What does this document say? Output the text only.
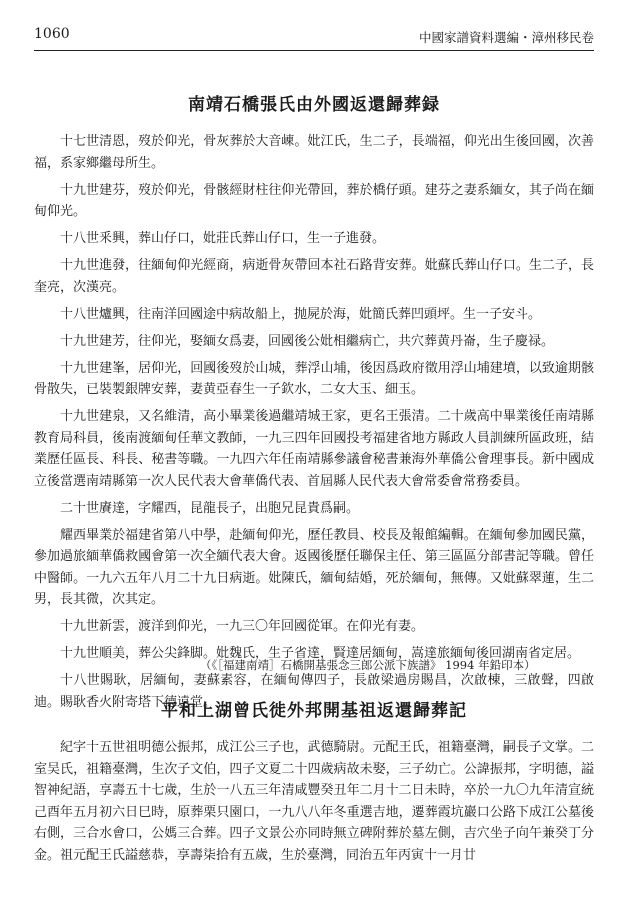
1060	中國家譜資料選編・漳州移民卷
南靖石橋張氏由外國返還歸葬録

十七世清恩，歿於仰光，骨灰葬於大音崠。妣江氏，生二子，長端福，仰光出生後回國，次善福，系家鄉繼母所生。

十九世建芬，歿於仰光，骨骸經財柱往仰光帶回，葬於橋仔頭。建芬之妻系緬女，其子尚在緬甸仰光。

十八世釆興，葬山仔口，妣莊氏葬山仔口，生一子進發。

十九世進發，往緬甸仰光經商，病逝骨灰帶回本社石路背安葬。妣蘇氏葬山仔口。生二子，長奎亮，次漢亮。

十八世爐興，往南洋回國途中病故船上，抛屍於海，妣簡氏葬凹頭坪。生一子安斗。

十九世建芳，往仰光，娶緬女爲妻，回國後公妣相繼病亡，共穴葬黄丹崙，生子慶禄。

十九世建峯，居仰光，回國後歿於山城，葬浮山埔，後因爲政府徵用浮山埔建墳，以致逾期骸骨散失，已裝製銀牌安葬，妻黄亞春生一子欽水，二女大玉、細玉。

十九世建泉，又名維清，高小畢業後過繼靖城王家，更名王張清。二十歲高中畢業後任南靖縣教育局科員，後南渡緬甸任華文教師，一九三四年回國投考福建省地方縣政人員訓練所區政班，結業歷任區長、科長、秘書等職。一九四六年任南靖縣參議會秘書兼海外華僑公會理事長。新中國成立後當選南靖縣第一次人民代表大會華僑代表、首屆縣人民代表大會常委會常務委員。

二十世賡達，字耀西，昆龍長子，出胞兄昆貴爲嗣。

耀西畢業於福建省第八中學，赴緬甸仰光，歷任教員、校長及報館編輯。在緬甸參加國民黨，參加過旅緬華僑救國會第一次全緬代表大會。返國後歷任聯保主任、第三區區分部書記等職。曾任中醫師。一九六五年八月二十九日病逝。妣陳氏，緬甸結婚，死於緬甸，無傳。又妣蘇翠蓮，生二男，長其微，次其定。

十九世新雲，渡洋到仰光，一九三〇年回國從軍。在仰光有妻。

十九世順美，葬公尖鋒脚。妣魏氏，生子省達，賢達居緬甸，嵩達旅緬甸後回湖南省定居。

十八世賜耿，居緬甸，妻蘇素容，在緬甸傳四子，長啟梁過房賜昌，次啟棟，三啟聲，四啟迪。賜耿香火附寄塔下德遠堂。

（《［福建南靖］石橋開基張念三郎公派下族譜》 1994 年鉛印本）
平和上湖曾氏徙外邦開基祖返還歸葬記

紀字十五世祖明德公振邦，成江公三子也，武德騎尉。元配王氏，祖籍臺灣，嗣長子文掌。二室吴氏，祖籍臺灣，生次子文伯，四子文夏二十四歲病故未娶，三子幼亡。公諱振邦，字明德，謚智神紀語，享壽五十七歲，生於一八五三年清咸豐癸丑年二月十二日未時，卒於一九〇九年清宣統己酉年五月初六日巳時，原葬栗只園口，一九八八年冬重選吉地，遷葬霞坑巖口公路下成江公墓後右側，三合水會口，公媽三合葬。四子文景公亦同時無立碑附葬於墓左側，吉穴坐子向午兼癸丁分金。祖元配王氏謚慈恭，享壽柒拾有五歲，生於臺灣，同治五年丙寅十一月廿
